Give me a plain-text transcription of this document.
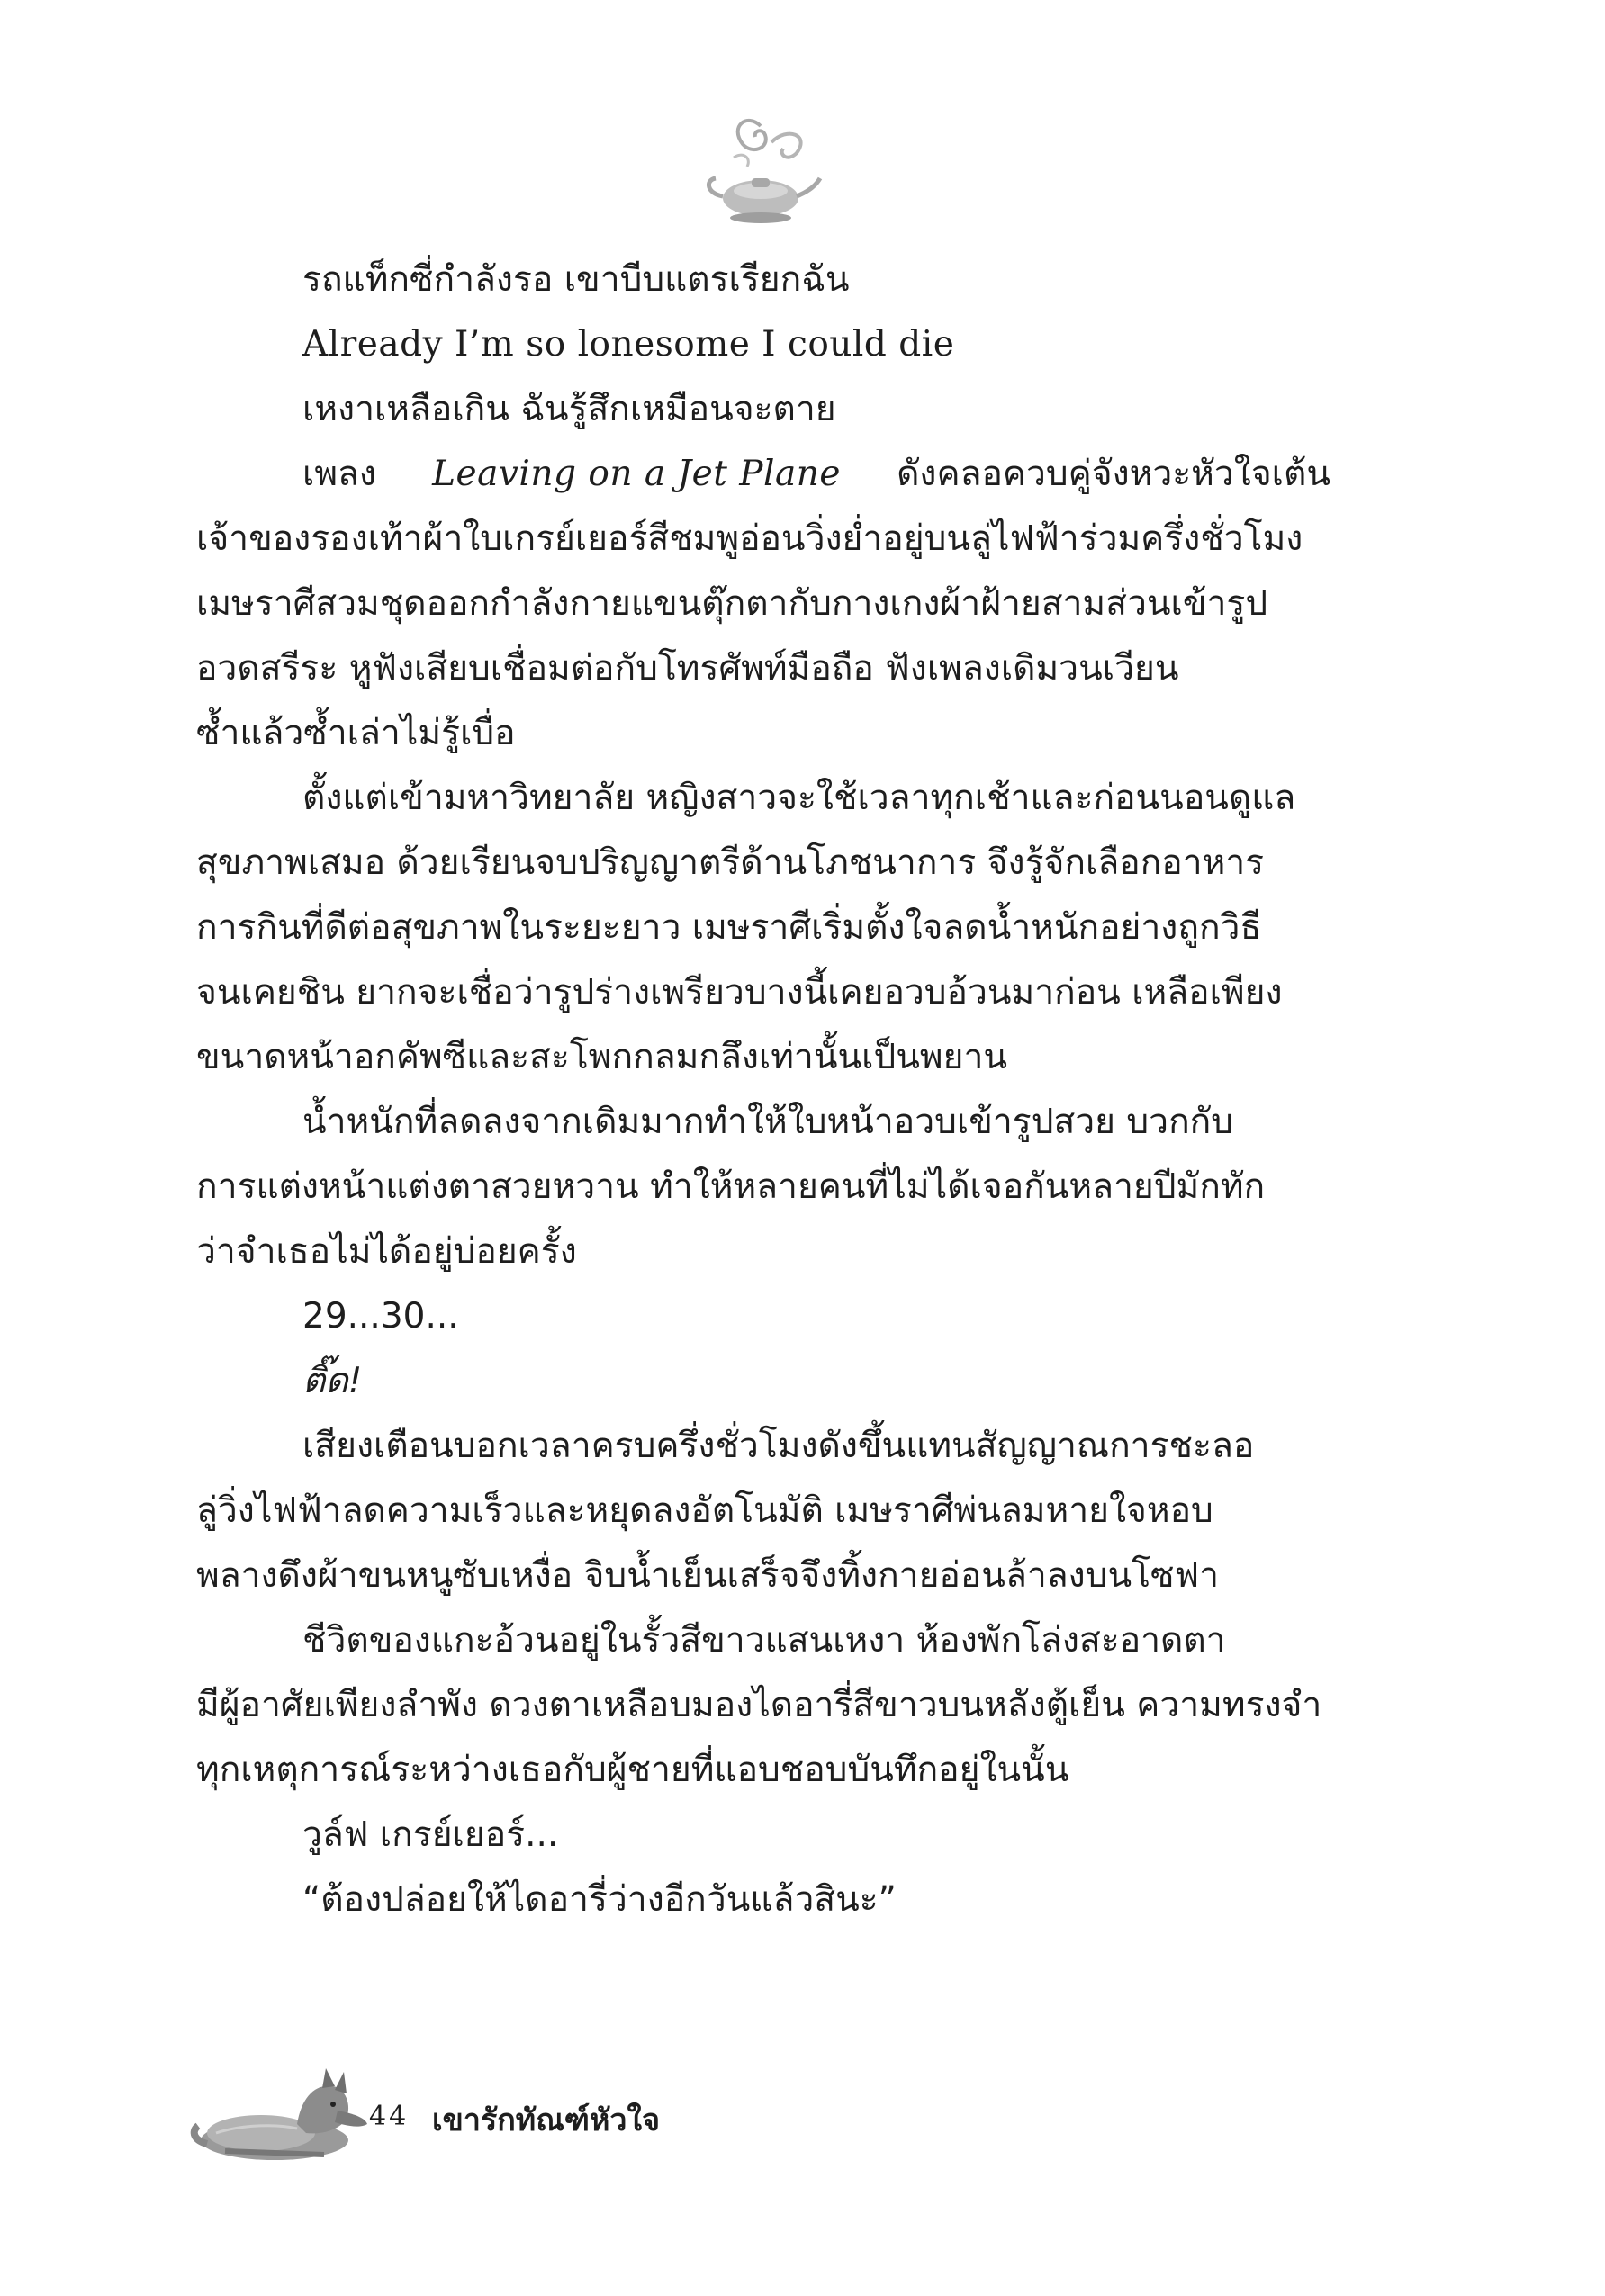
รถแท็กซี่กำลังรอ เขาบีบแตรเรียกฉัน
Already I’m so lonesome I could die
เหงาเหลือเกิน ฉันรู้สึกเหมือนจะตาย
เพลง Leaving on a Jet Plane ดังคลอควบคู่จังหวะหัวใจเต้น
เจ้าของรองเท้าผ้าใบเกรย์เยอร์สีชมพูอ่อนวิ่งย่ำอยู่บนลู่ไฟฟ้าร่วมครึ่งชั่วโมง
เมษราศีสวมชุดออกกำลังกายแขนตุ๊กตากับกางเกงผ้าฝ้ายสามส่วนเข้ารูป
อวดสรีระ หูฟังเสียบเชื่อมต่อกับโทรศัพท์มือถือ ฟังเพลงเดิมวนเวียน
ซ้ำแล้วซ้ำเล่าไม่รู้เบื่อ
ตั้งแต่เข้ามหาวิทยาลัย หญิงสาวจะใช้เวลาทุกเช้าและก่อนนอนดูแล
สุขภาพเสมอ ด้วยเรียนจบปริญญาตรีด้านโภชนาการ จึงรู้จักเลือกอาหาร
การกินที่ดีต่อสุขภาพในระยะยาว เมษราศีเริ่มตั้งใจลดน้ำหนักอย่างถูกวิธี
จนเคยชิน ยากจะเชื่อว่ารูปร่างเพรียวบางนี้เคยอวบอ้วนมาก่อน เหลือเพียง
ขนาดหน้าอกคัพซีและสะโพกกลมกลึงเท่านั้นเป็นพยาน
น้ำหนักที่ลดลงจากเดิมมากทำให้ใบหน้าอวบเข้ารูปสวย บวกกับ
การแต่งหน้าแต่งตาสวยหวาน ทำให้หลายคนที่ไม่ได้เจอกันหลายปีมักทัก
ว่าจำเธอไม่ได้อยู่บ่อยครั้ง
29...30...
ติ๊ด!
เสียงเตือนบอกเวลาครบครึ่งชั่วโมงดังขึ้นแทนสัญญาณการชะลอ
ลู่วิ่งไฟฟ้าลดความเร็วและหยุดลงอัตโนมัติ เมษราศีพ่นลมหายใจหอบ
พลางดึงผ้าขนหนูซับเหงื่อ จิบน้ำเย็นเสร็จจึงทิ้งกายอ่อนล้าลงบนโซฟา
ชีวิตของแกะอ้วนอยู่ในรั้วสีขาวแสนเหงา ห้องพักโล่งสะอาดตา
มีผู้อาศัยเพียงลำพัง ดวงตาเหลือบมองไดอารี่สีขาวบนหลังตู้เย็น ความทรงจำ
ทุกเหตุการณ์ระหว่างเธอกับผู้ชายที่แอบชอบบันทึกอยู่ในนั้น
วูล์ฟ เกรย์เยอร์...
“ต้องปล่อยให้ไดอารี่ว่างอีกวันแล้วสินะ”
44 เขารักทัณฑ์หัวใจ
